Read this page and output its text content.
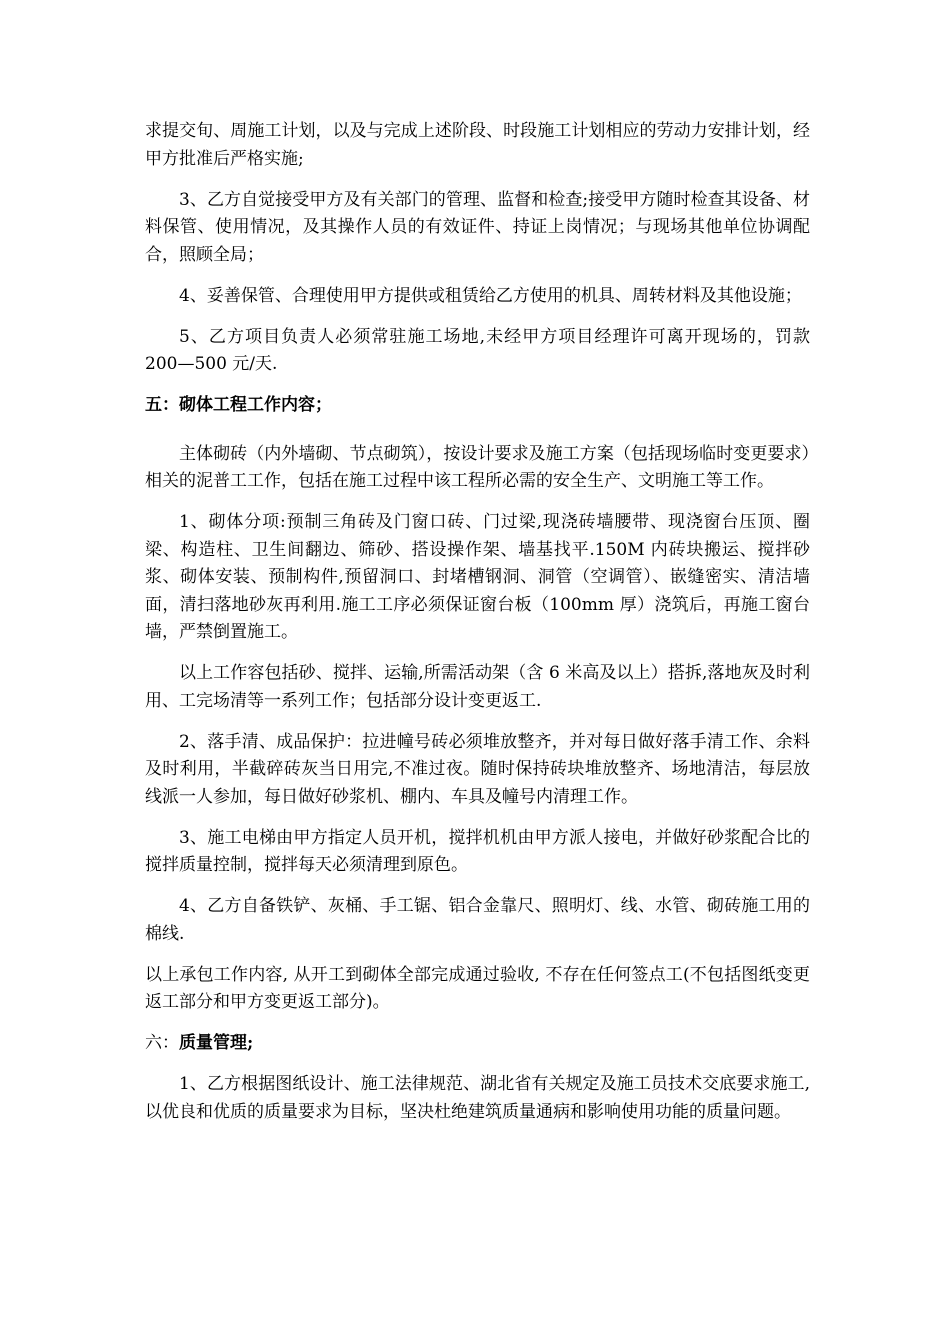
求提交旬、周施工计划，以及与完成上述阶段、时段施工计划相应的劳动力安排计划，经甲方批准后严格实施;

3、乙方自觉接受甲方及有关部门的管理、监督和检查;接受甲方随时检查其设备、材料保管、使用情况，及其操作人员的有效证件、持证上岗情况；与现场其他单位协调配合，照顾全局；

4、妥善保管、合理使用甲方提供或租赁给乙方使用的机具、周转材料及其他设施；

5、乙方项目负责人必须常驻施工场地,未经甲方项目经理许可离开现场的，罚款 200—500 元/天.

五：砌体工程工作内容；

主体砌砖（内外墙砌、节点砌筑），按设计要求及施工方案（包括现场临时变更要求）相关的泥普工工作，包括在施工过程中该工程所必需的安全生产、文明施工等工作。

1、砌体分项:预制三角砖及门窗口砖、门过梁,现浇砖墙腰带、现浇窗台压顶、圈梁、构造柱、卫生间翻边、筛砂、搭设操作架、墙基找平.150M 内砖块搬运、搅拌砂浆、砌体安装、预制构件,预留洞口、封堵槽钢洞、洞管（空调管）、嵌缝密实、清洁墙面，清扫落地砂灰再利用.施工工序必须保证窗台板（100mm 厚）浇筑后，再施工窗台墙，严禁倒置施工。

以上工作容包括砂、搅拌、运输,所需活动架（含 6 米高及以上）搭拆,落地灰及时利用、工完场清等一系列工作；包括部分设计变更返工.

2、落手清、成品保护：拉进幢号砖必须堆放整齐，并对每日做好落手清工作、余料及时利用，半截碎砖灰当日用完,不准过夜。随时保持砖块堆放整齐、场地清洁，每层放线派一人参加，每日做好砂浆机、棚内、车具及幢号内清理工作。

3、施工电梯由甲方指定人员开机，搅拌机机由甲方派人接电，并做好砂浆配合比的搅拌质量控制，搅拌每天必须清理到原色。

4、乙方自备铁铲、灰桶、手工锯、铝合金靠尺、照明灯、线、水管、砌砖施工用的棉线.

以上承包工作内容, 从开工到砌体全部完成通过验收, 不存在任何签点工(不包括图纸变更返工部分和甲方变更返工部分)。

六：质量管理;

1、乙方根据图纸设计、施工法律规范、湖北省有关规定及施工员技术交底要求施工,以优良和优质的质量要求为目标，坚决杜绝建筑质量通病和影响使用功能的质量问题。
